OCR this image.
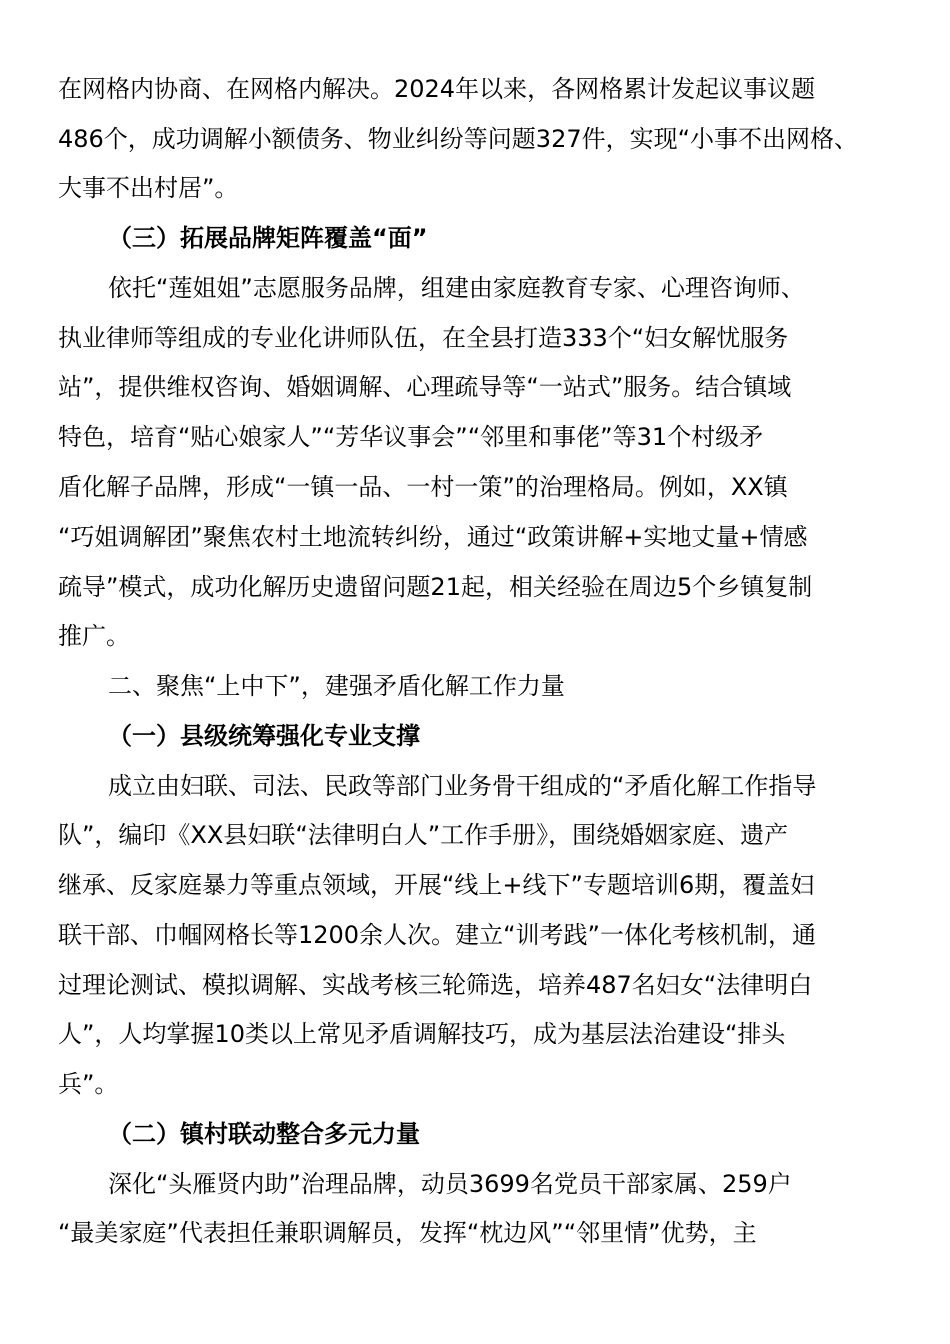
在网格内协商、在网格内解决。2024年以来，各网格累计发起议事议题
486个，成功调解小额债务、物业纠纷等问题327件，实现“小事不出网格、
大事不出村居”。
（三）拓展品牌矩阵覆盖“面”
依托“莲姐姐”志愿服务品牌，组建由家庭教育专家、心理咨询师、
执业律师等组成的专业化讲师队伍，在全县打造333个“妇女解忧服务
站”，提供维权咨询、婚姻调解、心理疏导等“一站式”服务。结合镇域
特色，培育“贴心娘家人”“芳华议事会”“邻里和事佬”等31个村级矛
盾化解子品牌，形成“一镇一品、一村一策”的治理格局。例如，XX镇
“巧姐调解团”聚焦农村土地流转纠纷，通过“政策讲解+实地丈量+情感
疏导”模式，成功化解历史遗留问题21起，相关经验在周边5个乡镇复制
推广。
二、聚焦“上中下”，建强矛盾化解工作力量
（一）县级统筹强化专业支撑
成立由妇联、司法、民政等部门业务骨干组成的“矛盾化解工作指导
队”，编印《XX县妇联“法律明白人”工作手册》，围绕婚姻家庭、遗产
继承、反家庭暴力等重点领域，开展“线上+线下”专题培训6期，覆盖妇
联干部、巾帼网格长等1200余人次。建立“训考践”一体化考核机制，通
过理论测试、模拟调解、实战考核三轮筛选，培养487名妇女“法律明白
人”，人均掌握10类以上常见矛盾调解技巧，成为基层法治建设“排头
兵”。
（二）镇村联动整合多元力量
深化“头雁贤内助”治理品牌，动员3699名党员干部家属、259户
“最美家庭”代表担任兼职调解员，发挥“枕边风”“邻里情”优势，主
